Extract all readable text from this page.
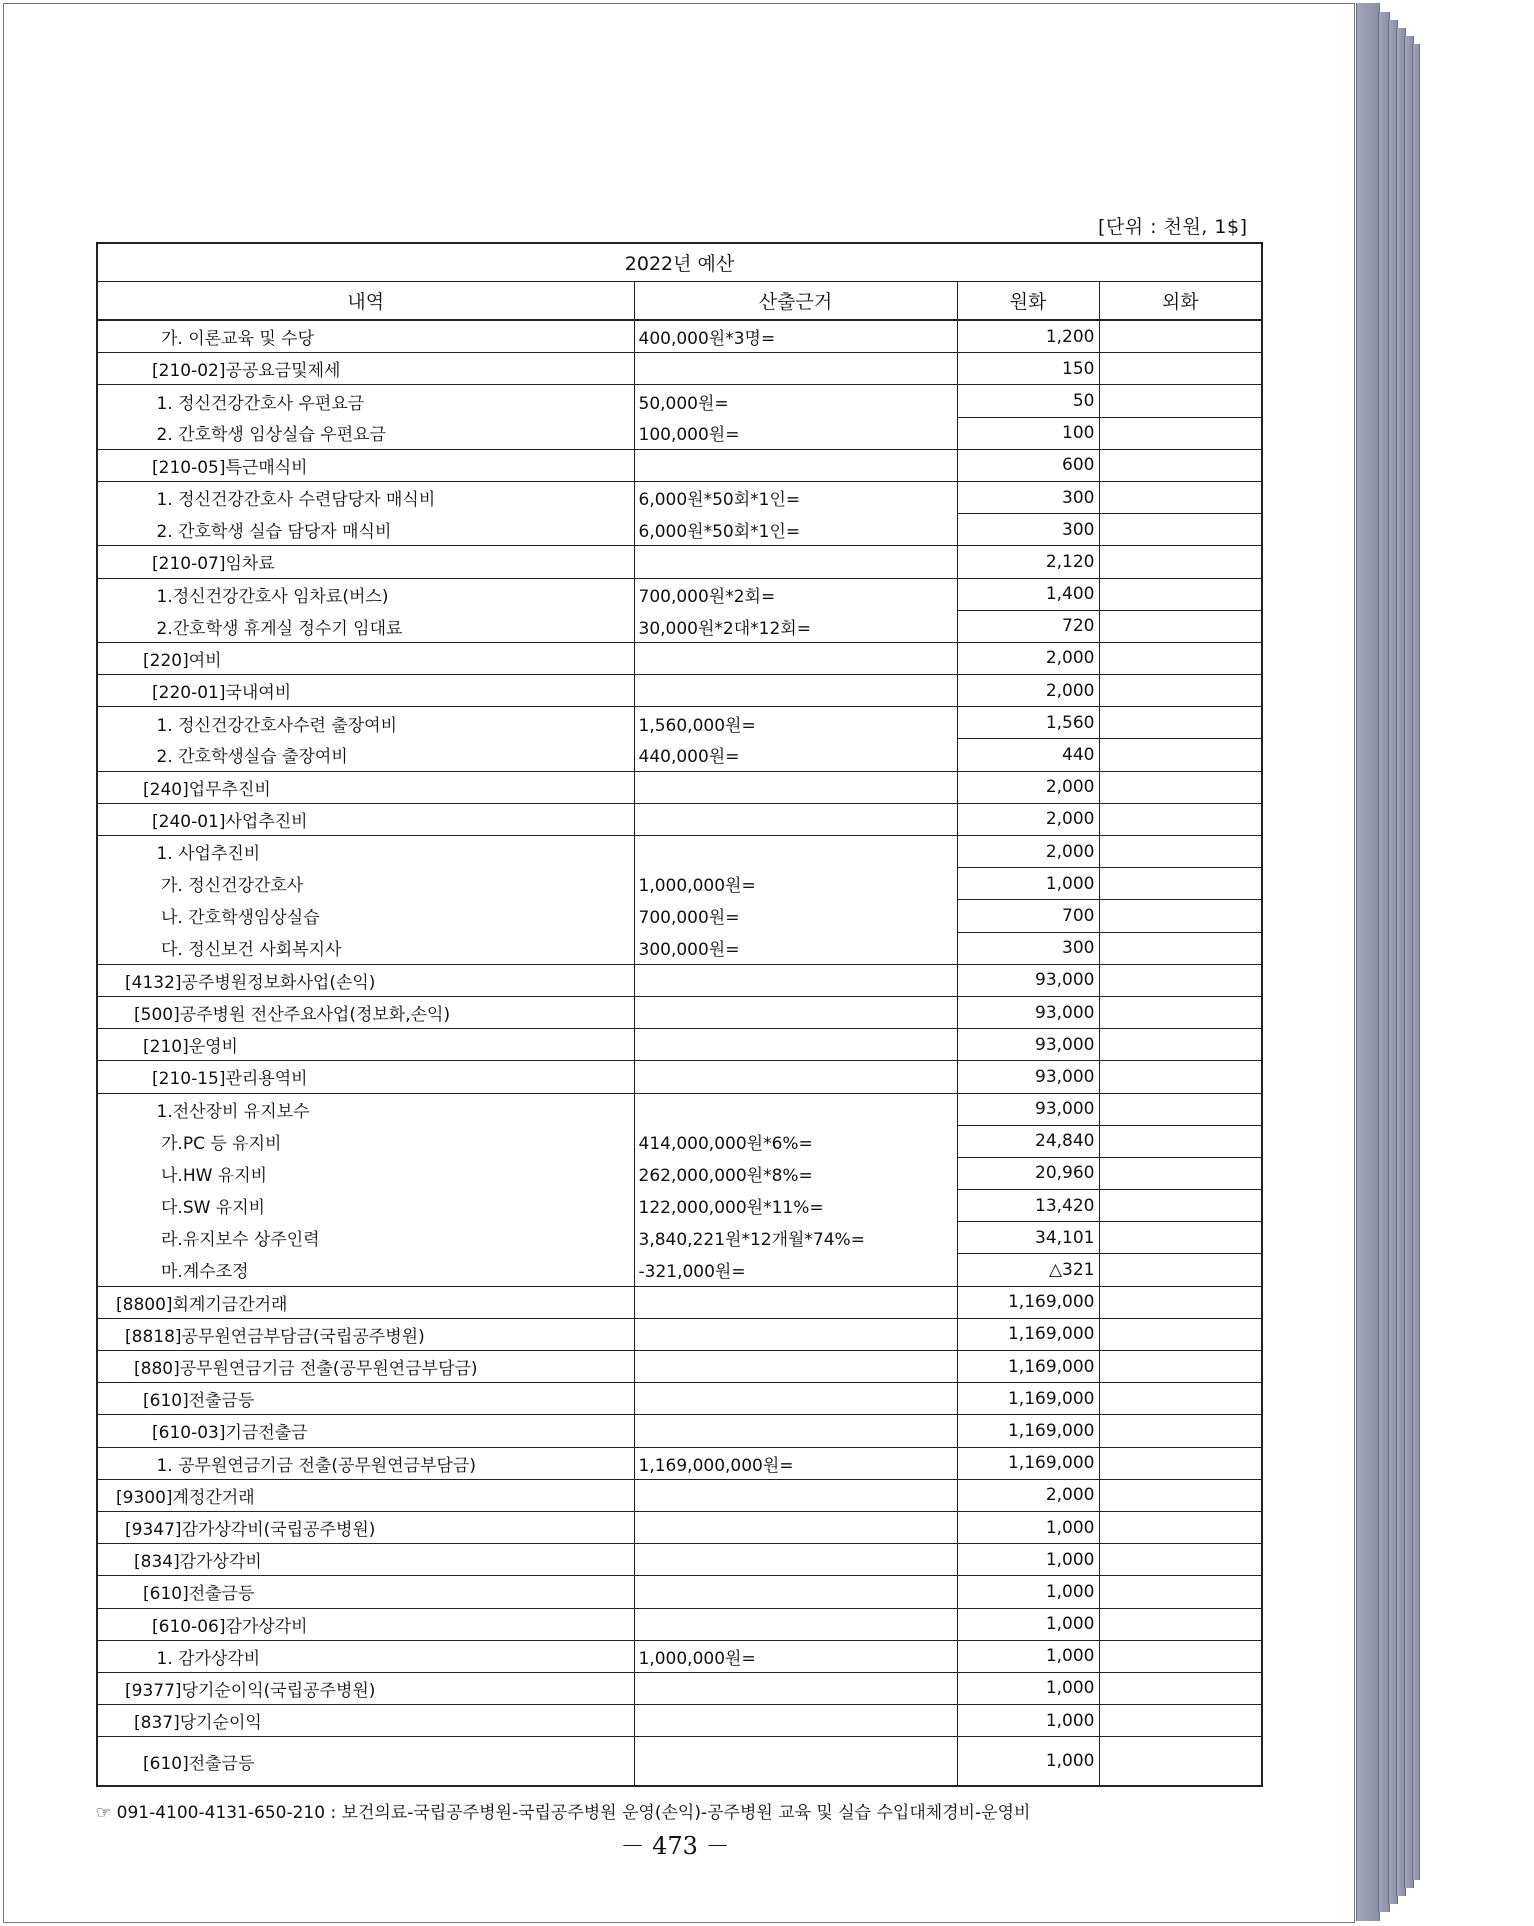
[단위 : 천원, 1$]
2022년 예산			
내역	산출근거	원화	외화
가. 이론교육 및 수당	400,000원*3명=	1,200	
[210-02]공공요금및제세		150	
1. 정신건강간호사 우편요금	50,000원=	50	
2. 간호학생 임상실습 우편요금	100,000원=	100	
[210-05]특근매식비		600	
1. 정신건강간호사 수련담당자 매식비	6,000원*50회*1인=	300	
2. 간호학생 실습 담당자 매식비	6,000원*50회*1인=	300	
[210-07]임차료		2,120	
1.정신건강간호사 임차료(버스)	700,000원*2회=	1,400	
2.간호학생 휴게실 정수기 임대료	30,000원*2대*12회=	720	
[220]여비		2,000	
[220-01]국내여비		2,000	
1. 정신건강간호사수련 출장여비	1,560,000원=	1,560	
2. 간호학생실습 출장여비	440,000원=	440	
[240]업무추진비		2,000	
[240-01]사업추진비		2,000	
1. 사업추진비		2,000	
가. 정신건강간호사	1,000,000원=	1,000	
나. 간호학생임상실습	700,000원=	700	
다. 정신보건 사회복지사	300,000원=	300	
[4132]공주병원정보화사업(손익)		93,000	
[500]공주병원 전산주요사업(정보화,손익)		93,000	
[210]운영비		93,000	
[210-15]관리용역비		93,000	
1.전산장비 유지보수		93,000	
가.PC 등 유지비	414,000,000원*6%=	24,840	
나.HW 유지비	262,000,000원*8%=	20,960	
다.SW 유지비	122,000,000원*11%=	13,420	
라.유지보수 상주인력	3,840,221원*12개월*74%=	34,101	
마.계수조정	-321,000원=	△321	
[8800]회계기금간거래		1,169,000	
[8818]공무원연금부담금(국립공주병원)		1,169,000	
[880]공무원연금기금 전출(공무원연금부담금)		1,169,000	
[610]전출금등		1,169,000	
[610-03]기금전출금		1,169,000	
1. 공무원연금기금 전출(공무원연금부담금)	1,169,000,000원=	1,169,000	
[9300]계정간거래		2,000	
[9347]감가상각비(국립공주병원)		1,000	
[834]감가상각비		1,000	
[610]전출금등		1,000	
[610-06]감가상각비		1,000	
1. 감가상각비	1,000,000원=	1,000	
[9377]당기순이익(국립공주병원)		1,000	
[837]당기순이익		1,000	
[610]전출금등		1,000	
☞ 091-4100-4131-650-210 : 보건의료-국립공주병원-국립공주병원 운영(손익)-공주병원 교육 및 실습 수입대체경비-운영비
－ 473 －
